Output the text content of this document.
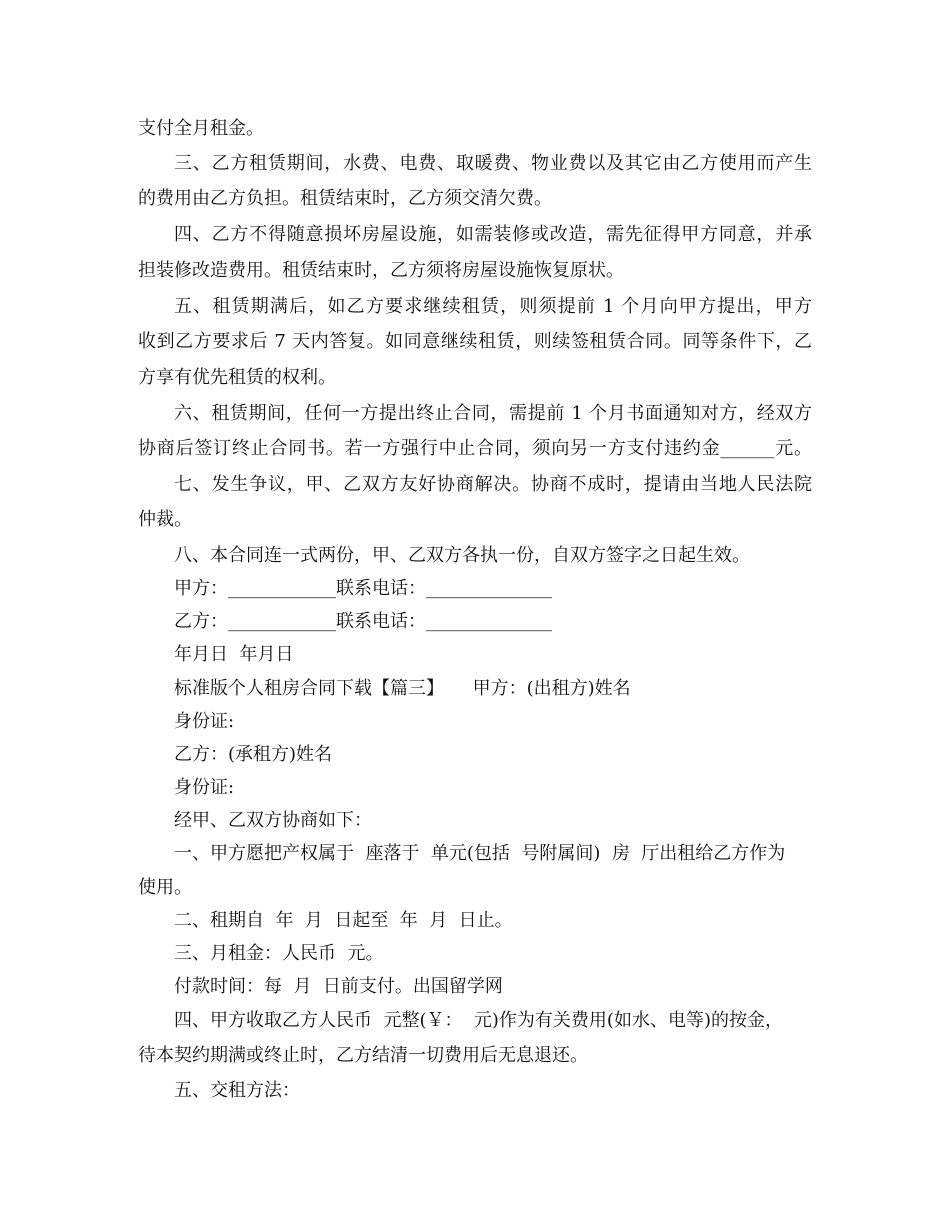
支付全月租金。
三、乙方租赁期间，水费、电费、取暖费、物业费以及其它由乙方使用而产生
的费用由乙方负担。租赁结束时，乙方须交清欠费。
四、乙方不得随意损坏房屋设施，如需装修或改造，需先征得甲方同意，并承
担装修改造费用。租赁结束时，乙方须将房屋设施恢复原状。
五、租赁期满后，如乙方要求继续租赁，则须提前 1 个月向甲方提出，甲方
收到乙方要求后 7 天内答复。如同意继续租赁，则续签租赁合同。同等条件下，乙
方享有优先租赁的权利。
六、租赁期间，任何一方提出终止合同，需提前 1 个月书面通知对方，经双方
协商后签订终止合同书。若一方强行中止合同，须向另一方支付违约金______元。
七、发生争议，甲、乙双方友好协商解决。协商不成时，提请由当地人民法院
仲裁。
八、本合同连一式两份，甲、乙双方各执一份，自双方签字之日起生效。
甲方：____________联系电话：______________
乙方：____________联系电话：______________
年月日  年月日
标准版个人租房合同下载【篇三】     甲方：(出租方)姓名
身份证:
乙方：(承租方)姓名
身份证:
经甲、乙双方协商如下：
一、甲方愿把产权属于  座落于  单元(包括  号附属间)  房  厅出租给乙方作为
使用。
二、租期自  年  月  日起至  年  月  日止。
三、月租金：人民币  元。
付款时间：每  月  日前支付。出国留学网
四、甲方收取乙方人民币  元整(￥：  元)作为有关费用(如水、电等)的按金，
待本契约期满或终止时，乙方结清一切费用后无息退还。
五、交租方法：
